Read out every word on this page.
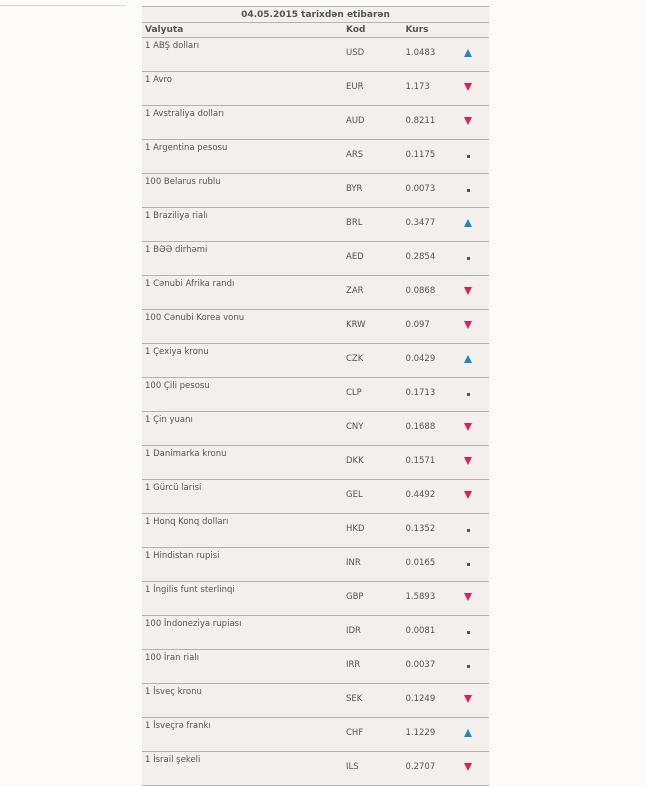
04.05.2015 tarixdən etibarən			
Valyuta	Kod	Kurs	
1 ABŞ dolları	USD	1.0483	
1 Avro	EUR	1.173	
1 Avstraliya dolları	AUD	0.8211	
1 Argentina pesosu	ARS	0.1175	
100 Belarus rublu	BYR	0.0073	
1 Braziliya rialı	BRL	0.3477	
1 BƏƏ dirhəmi	AED	0.2854	
1 Cənubi Afrika randı	ZAR	0.0868	
100 Cənubi Korea vonu	KRW	0.097	
1 Çexiya kronu	CZK	0.0429	
100 Çili pesosu	CLP	0.1713	
1 Çin yuanı	CNY	0.1688	
1 Danimarka kronu	DKK	0.1571	
1 Gürcü larisi	GEL	0.4492	
1 Honq Konq dolları	HKD	0.1352	
1 Hindistan rupisi	INR	0.0165	
1 İngilis funt sterlinqi	GBP	1.5893	
100 İndoneziya rupiası	IDR	0.0081	
100 İran rialı	IRR	0.0037	
1 İsveç kronu	SEK	0.1249	
1 İsveçrə frankı	CHF	1.1229	
1 İsrail şekeli	ILS	0.2707	
